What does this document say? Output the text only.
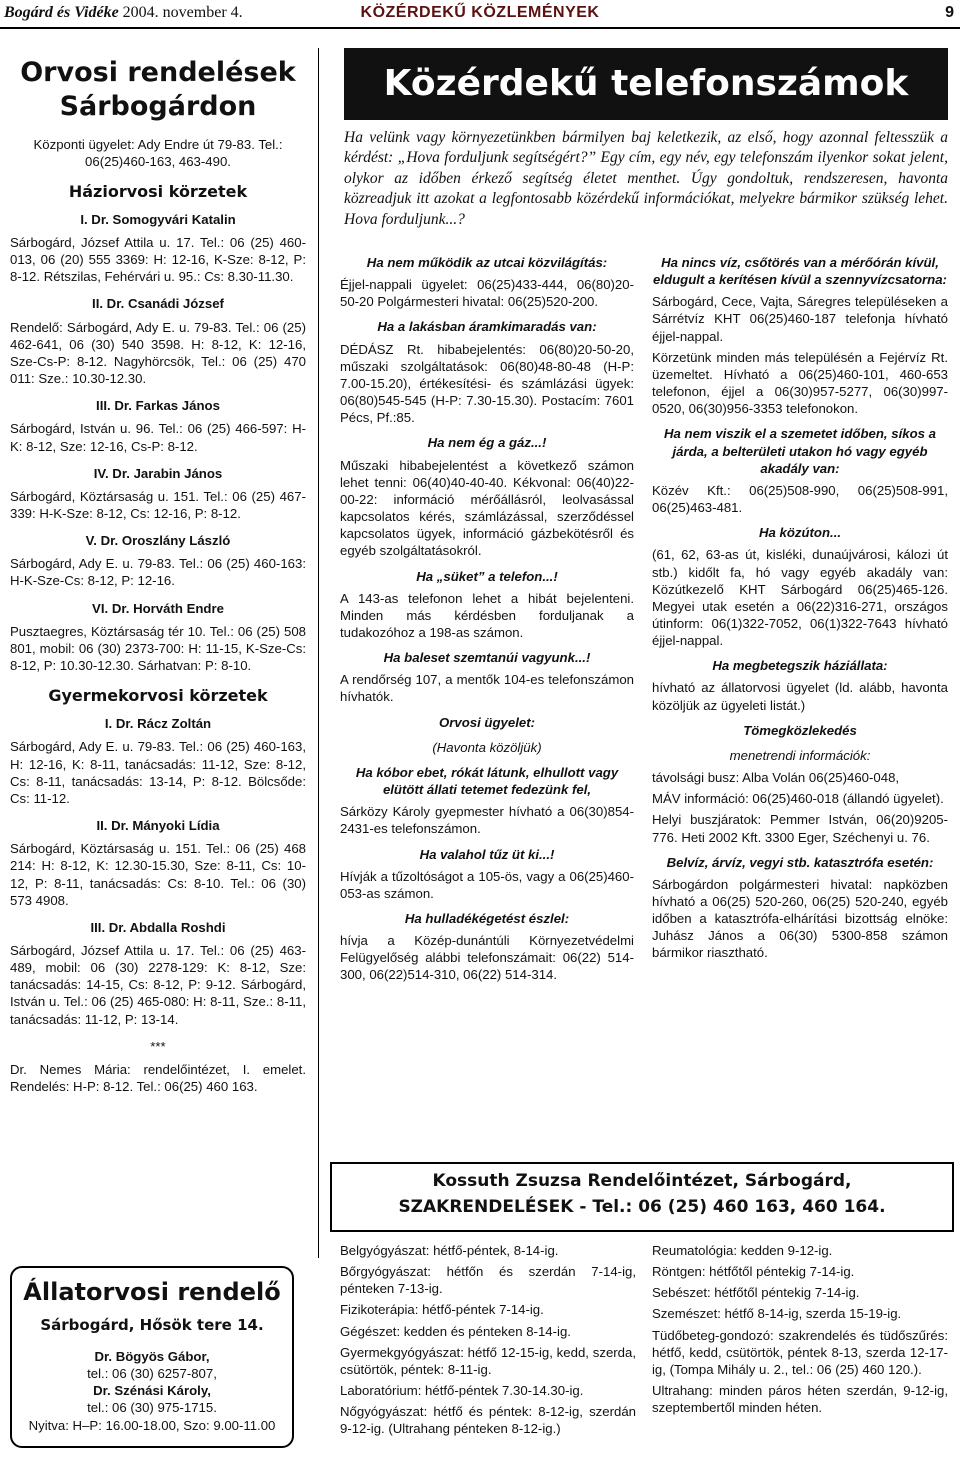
Bogárd és Vidéke 2004. november 4.	KÖZÉRDEKŰ KÖZLEMÉNYEK	9
Orvosi rendelések Sárbogárdon

Központi ügyelet: Ady Endre út 79-83. Tel.: 06(25)460-163, 463-490.

Háziorvosi körzetek
I. Dr. Somogyvári Katalin

Sárbogárd, József Attila u. 17. Tel.: 06 (25) 460-013, 06 (20) 555 3369: H: 12-16, K-Sze: 8-12, P: 8-12. Rétszilas, Fehérvári u. 95.: Cs: 8.30-11.30.

II. Dr. Csanádi József

Rendelő: Sárbogárd, Ady E. u. 79-83. Tel.: 06 (25) 462-641, 06 (30) 540 3598. H: 8-12, K: 12-16, Sze-Cs-P: 8-12. Nagyhörcsök, Tel.: 06 (25) 470 011: Sze.: 10.30-12.30.

III. Dr. Farkas János

Sárbogárd, István u. 96. Tel.: 06 (25) 466-597: H-K: 8-12, Sze: 12-16, Cs-P: 8-12.

IV. Dr. Jarabin János

Sárbogárd, Köztársaság u. 151. Tel.: 06 (25) 467-339: H-K-Sze: 8-12, Cs: 12-16, P: 8-12.

V. Dr. Oroszlány László

Sárbogárd, Ady E. u. 79-83. Tel.: 06 (25) 460-163: H-K-Sze-Cs: 8-12, P: 12-16.

VI. Dr. Horváth Endre

Pusztaegres, Köztársaság tér 10. Tel.: 06 (25) 508 801, mobil: 06 (30) 2373-700: H: 11-15, K-Sze-Cs: 8-12, P: 10.30-12.30. Sárhatvan: P: 8-10.

Gyermekorvosi körzetek
I. Dr. Rácz Zoltán

Sárbogárd, Ady E. u. 79-83. Tel.: 06 (25) 460-163, H: 12-16, K: 8-11, tanácsadás: 11-12, Sze: 8-12, Cs: 8-11, tanácsadás: 13-14, P: 8-12. Bölcsőde: Cs: 11-12.

II. Dr. Mányoki Lídia

Sárbogárd, Köztársaság u. 151. Tel.: 06 (25) 468 214: H: 8-12, K: 12.30-15.30, Sze: 8-11, Cs: 10-12, P: 8-11, tanácsadás: Cs: 8-10. Tel.: 06 (30) 573 4908.

III. Dr. Abdalla Roshdi

Sárbogárd, József Attila u. 17. Tel.: 06 (25) 463-489, mobil: 06 (30) 2278-129: K: 8-12, Sze: tanácsadás: 14-15, Cs: 8-12, P: 9-12. Sárbogárd, István u. Tel.: 06 (25) 465-080: H: 8-11, Sze.: 8-11, tanácsadás: 11-12, P: 13-14.

***

Dr. Nemes Mária: rendelőintézet, I. emelet. Rendelés: H-P: 8-12. Tel.: 06(25) 460 163.

Állatorvosi rendelő
Sárbogárd, Hősök tere 14.

Dr. Bögyös Gábor,

tel.: 06 (30) 6257-807,

Dr. Szénási Károly,

tel.: 06 (30) 975-1715.

Nyitva: H–P: 16.00-18.00, Szo: 9.00-11.00

Közérdekű telefonszámok
Ha velünk vagy környezetünkben bármilyen baj keletkezik, az első, hogy azonnal feltesszük a kérdést: „Hova forduljunk segítségért?” Egy cím, egy név, egy telefonszám ilyenkor sokat jelent, olykor az időben érkező segítség életet menthet. Úgy gondoltuk, rendszeresen, havonta közreadjuk itt azokat a legfontosabb közérdekű információkat, melyekre bármikor szükség lehet. Hova forduljunk...?
Ha nem működik az utcai közvilágítás:

Éjjel-nappali ügyelet: 06(25)433-444, 06(80)20-50-20 Polgármesteri hivatal: 06(25)520-200.

Ha a lakásban áramkimaradás van:

DÉDÁSZ Rt. hibabejelentés: 06(80)20-50-20, műszaki szolgáltatások: 06(80)48-80-48 (H-P: 7.00-15.20), értékesítési- és számlázási ügyek: 06(80)545-545 (H-P: 7.30-15.30). Postacím: 7601 Pécs, Pf.:85.

Ha nem ég a gáz...!

Műszaki hibabejelentést a következő számon lehet tenni: 06(40)40-40-40. Kékvonal: 06(40)22-00-22: információ mérőállásról, leolvasással kapcsolatos kérés, számlázással, szerződéssel kapcsolatos ügyek, információ gázbekötésről és egyéb szolgáltatásokról.

Ha „süket” a telefon...!

A 143-as telefonon lehet a hibát bejelenteni. Minden más kérdésben forduljanak a tudakozóhoz a 198-as számon.

Ha baleset szemtanúi vagyunk...!

A rendőrség 107, a mentők 104-es telefonszámon hívhatók.

Orvosi ügyelet:
(Havonta közöljük)
Ha kóbor ebet, rókát látunk, elhullott vagy elütött állati tetemet fedezünk fel,

Sárközy Károly gyepmester hívható a 06(30)854-2431-es telefonszámon.

Ha valahol tűz üt ki...!

Hívják a tűzoltóságot a 105-ös, vagy a 06(25)460-053-as számon.

Ha hulladékégetést észlel:

hívja a Közép-dunántúli Környezetvédelmi Felügyelőség alábbi telefonszámait: 06(22) 514-300, 06(22)514-310, 06(22) 514-314.

Ha nincs víz, csőtörés van a mérőórán kívül, eldugult a kerítésen kívül a szennyvízcsatorna:

Sárbogárd, Cece, Vajta, Sáregres településeken a Sárrétvíz KHT 06(25)460-187 telefonja hívható éjjel-nappal.

Körzetünk minden más településén a Fejérvíz Rt. üzemeltet. Hívható a 06(25)460-101, 460-653 telefonon, éjjel a 06(30)957-5277, 06(30)997-0520, 06(30)956-3353 telefonokon.

Ha nem viszik el a szemetet időben, síkos a járda, a belterületi utakon hó vagy egyéb akadály van:

Közév Kft.: 06(25)508-990, 06(25)508-991, 06(25)463-481.

Ha közúton...

(61, 62, 63-as út, kisléki, dunaújvárosi, kálozi út stb.) kidőlt fa, hó vagy egyéb akadály van: Közútkezelő KHT Sárbogárd 06(25)465-126. Megyei utak esetén a 06(22)316-271, országos útinform: 06(1)322-7052, 06(1)322-7643 hívható éjjel-nappal.

Ha megbetegszik háziállata:

hívható az állatorvosi ügyelet (ld. alább, havonta közöljük az ügyeleti listát.)

Tömegközlekedés
menetrendi információk:

távolsági busz: Alba Volán 06(25)460-048,

MÁV információ: 06(25)460-018 (állandó ügyelet).

Helyi buszjáratok: Pemmer István, 06(20)9205-776. Heti 2002 Kft. 3300 Eger, Széchenyi u. 76.

Belvíz, árvíz, vegyi stb. katasztrófa esetén:

Sárbogárdon polgármesteri hivatal: napközben hívható a 06(25) 520-260, 06(25) 520-240, egyéb időben a katasztrófa-elhárítási bizottság elnöke: Juhász János a 06(30) 5300-858 számon bármikor riasztható.

Kossuth Zsuzsa Rendelőintézet, Sárbogárd,
SZAKRENDELÉSEK - Tel.: 06 (25) 460 163, 460 164.

Belgyógyászat: hétfő-péntek, 8-14-ig.

Bőrgyógyászat: hétfőn és szerdán 7-14-ig, pénteken 7-13-ig.

Fizikoterápia: hétfő-péntek 7-14-ig.

Gégészet: kedden és pénteken 8-14-ig.

Gyermekgyógyászat: hétfő 12-15-ig, kedd, szerda, csütörtök, péntek: 8-11-ig.

Laboratórium: hétfő-péntek 7.30-14.30-ig.

Nőgyógyászat: hétfő és péntek: 8-12-ig, szerdán 9-12-ig. (Ultrahang pénteken 8-12-ig.)

Reumatológia: kedden 9-12-ig.

Röntgen: hétfőtől péntekig 7-14-ig.

Sebészet: hétfőtől péntekig 7-14-ig.

Szemészet: hétfő 8-14-ig, szerda 15-19-ig.

Tüdőbeteg-gondozó: szakrendelés és tüdőszűrés: hétfő, kedd, csütörtök, péntek 8-13, szerda 12-17-ig, (Tompa Mihály u. 2., tel.: 06 (25) 460 120.).

Ultrahang: minden páros héten szerdán, 9-12-ig, szeptembertől minden héten.
